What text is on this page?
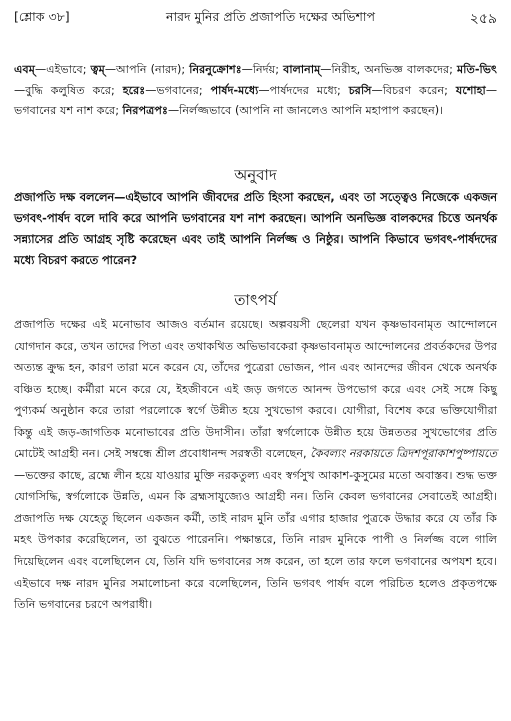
[শ্লোক ৩৮]	নারদ মুনির প্রতি প্রজাপতি দক্ষের অভিশাপ	২৫৯
এবম্—এইভাবে; ত্বম্—আপনি (নারদ); নিরনুক্রোশঃ—নির্দয়; বালানাম্—নিরীহ, অনভিজ্ঞ বালকদের; মতি-ভিৎ—বুদ্ধি কলুষিত করে; হরেঃ—ভগবানের; পার্ষদ-মধ্যে—পার্ষদদের মধ্যে; চরসি—বিচরণ করেন; যশোহা—ভগবানের যশ নাশ করে; নিরপত্রপঃ—নির্লজ্জভাবে (আপনি না জানলেও আপনি মহাপাপ করছেন)।
অনুবাদ
প্রজাপতি দক্ষ বললেন—এইভাবে আপনি জীবদের প্রতি হিংসা করছেন, এবং তা সত্ত্বেও নিজেকে একজন ভগবৎ-পার্ষদ বলে দাবি করে আপনি ভগবানের যশ নাশ করছেন। আপনি অনভিজ্ঞ বালকদের চিত্তে অনর্থক সন্ন্যাসের প্রতি আগ্রহ সৃষ্টি করেছেন এবং তাই আপনি নির্লজ্জ ও নিষ্ঠুর। আপনি কিভাবে ভগবৎ-পার্ষদদের মধ্যে বিচরণ করতে পারেন?
তাৎপর্য
প্রজাপতি দক্ষের এই মনোভাব আজও বর্তমান রয়েছে। অল্পবয়সী ছেলেরা যখন কৃষ্ণভাবনামৃত আন্দোলনে যোগদান করে, তখন তাদের পিতা এবং তথাকথিত অভিভাবকেরা কৃষ্ণভাবনামৃত আন্দোলনের প্রবর্তকদের উপর অত্যন্ত ক্রুদ্ধ হন, কারণ তারা মনে করেন যে, তাঁদের পুত্রেরা ভোজন, পান এবং আনন্দের জীবন থেকে অনর্থক বঞ্চিত হচ্ছে। কর্মীরা মনে করে যে, ইহজীবনে এই জড় জগতে আনন্দ উপভোগ করে এবং সেই সঙ্গে কিছু পুণ্যকর্ম অনুষ্ঠান করে তারা পরলোকে স্বর্গে উন্নীত হয়ে সুখভোগ করবে। যোগীরা, বিশেষ করে ভক্তিযোগীরা কিন্তু এই জড়-জাগতিক মনোভাবের প্রতি উদাসীন। তাঁরা স্বর্গলোকে উন্নীত হয়ে উন্নততর সুখভোগের প্রতি মোটেই আগ্রহী নন। সেই সম্বন্ধে শ্রীল প্রবোধানন্দ সরস্বতী বলেছেন, কৈবল্যং নরকায়তে ত্রিদশপূরাকাশপুষ্পায়তে—ভক্তের কাছে, ব্রহ্মে লীন হয়ে যাওয়ার মুক্তি নরকতুল্য এবং স্বর্গসুখ আকাশ-কুসুমের মতো অবাস্তব। শুদ্ধ ভক্ত যোগসিদ্ধি, স্বর্গলোকে উন্নতি, এমন কি ব্রহ্মসাযুজ্যেও আগ্রহী নন। তিনি কেবল ভগবানের সেবাতেই আগ্রহী। প্রজাপতি দক্ষ যেহেতু ছিলেন একজন কর্মী, তাই নারদ মুনি তাঁর এগার হাজার পুত্রকে উদ্ধার করে যে তাঁর কি মহৎ উপকার করেছিলেন, তা বুঝতে পারেননি। পক্ষান্তরে, তিনি নারদ মুনিকে পাপী ও নির্লজ্জ বলে গালি দিয়েছিলেন এবং বলেছিলেন যে, তিনি যদি ভগবানের সঙ্গ করেন, তা হলে তার ফলে ভগবানের অপযশ হবে। এইভাবে দক্ষ নারদ মুনির সমালোচনা করে বলেছিলেন, তিনি ভগবৎ পার্ষদ বলে পরিচিত হলেও প্রকৃতপক্ষে তিনি ভগবানের চরণে অপরাধী।
